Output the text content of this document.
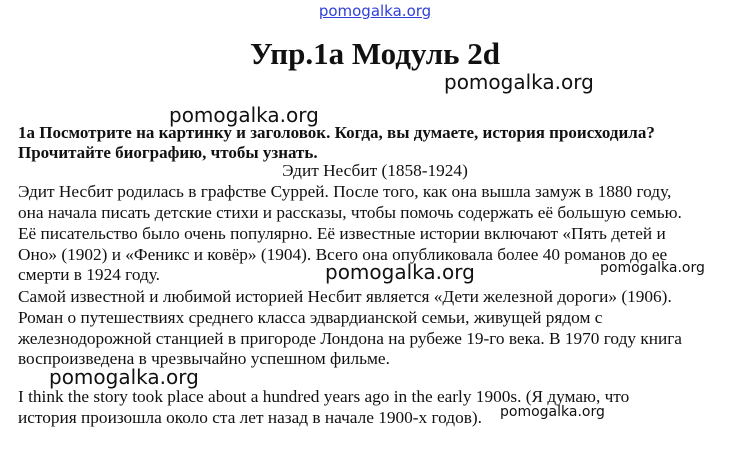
pomogalka.org
Упр.1а Модуль 2d
pomogalka.org
pomogalka.org
1а Посмотрите на картинку и заголовок. Когда, вы думаете, история происходила?
Прочитайте биографию, чтобы узнать.
Эдит Несбит (1858-1924)
Эдит Несбит родилась в графстве Суррей. После того, как она вышла замуж в 1880 году,
она начала писать детские стихи и рассказы, чтобы помочь содержать её большую семью.
Её писательство было очень популярно. Её известные истории включают «Пять детей и
Оно» (1902) и «Феникс и ковёр» (1904). Всего она опубликовала более 40 романов до ее
смерти в 1924 году.	pomogalka.org	pomogalka.org
Самой известной и любимой историей Несбит является «Дети железной дороги» (1906).
Роман о путешествиях среднего класса эдвардианской семьи, живущей рядом с
железнодорожной станцией в пригороде Лондона на рубеже 19-го века. В 1970 году книга
воспроизведена в чрезвычайно успешном фильме.
pomogalka.org
I think the story took place about a hundred years ago in the early 1900s. (Я думаю, что
история произошла около ста лет назад в начале 1900-х годов).	pomogalka.org
